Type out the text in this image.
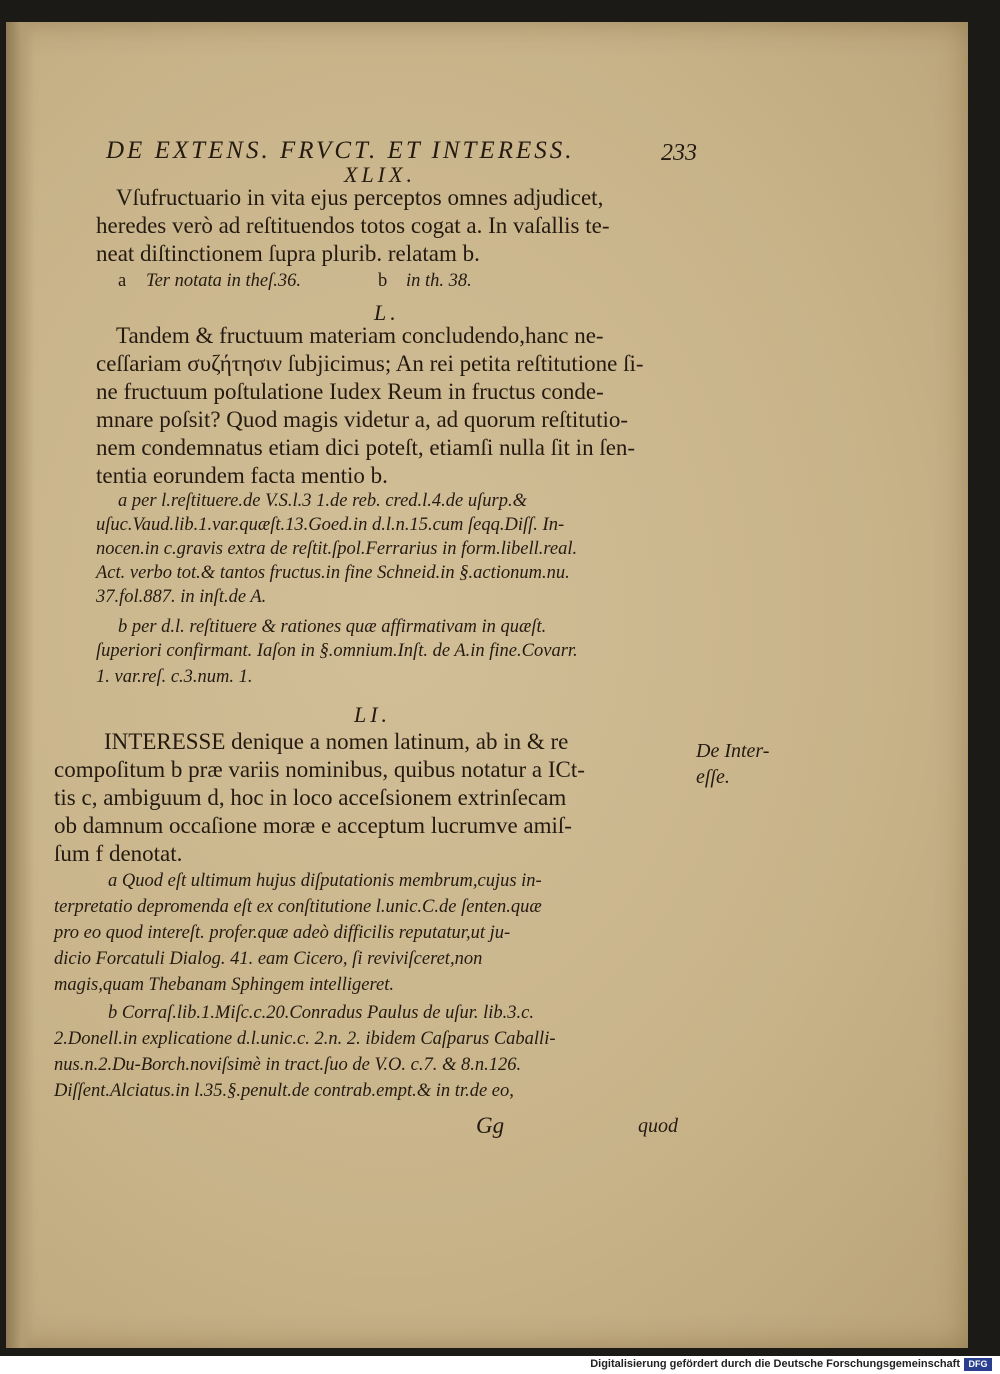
DE EXTENS. FRVCT. ET INTERESS.	233
XLIX.
Vſufructuario in vita ejus perceptos omnes adjudicet,
heredes verò ad reſtituendos totos cogat a. In vaſallis te-
neat diſtinctionem ſupra plurib. relatam b.
a Ter notata in theſ.36.	b in th. 38.
L.
Tandem & fructuum materiam concludendo,hanc ne-
ceſſariam συζήτησιν ſubjicimus; An rei petita reſtitutione ſi-
ne fructuum poſtulatione Iudex Reum in fructus conde-
mnare poſsit? Quod magis videtur a, ad quorum reſtitutio-
nem condemnatus etiam dici poteſt, etiamſi nulla ſit in ſen-
tentia eorundem facta mentio b.
a per l.reſtituere.de V.S.l.3 1.de reb. cred.l.4.de uſurp.&
uſuc.Vaud.lib.1.var.quæſt.13.Goed.in d.l.n.15.cum ſeqq.Diſſ. In-
nocen.in c.gravis extra de reſtit.ſpol.Ferrarius in form.libell.real.
Act. verbo tot.& tantos fructus.in fine Schneid.in §.actionum.nu.
37.fol.887. in inſt.de A.
b per d.l. reſtituere & rationes quæ affirmativam in quæſt.
ſuperiori confirmant. Iaſon in §.omnium.Inſt. de A.in fine.Covarr.
1. var.reſ. c.3.num. 1.
LI.
INTERESSE denique a nomen latinum, ab in & re
compoſitum b præ variis nominibus, quibus notatur a ICt-
tis c, ambiguum d, hoc in loco acceſsionem extrinſecam
ob damnum occaſione moræ e acceptum lucrumve amiſ-
ſum f denotat.
De Inter-
eſſe.
a Quod eſt ultimum hujus diſputationis membrum,cujus in-
terpretatio depromenda eſt ex conſtitutione l.unic.C.de ſenten.quæ
pro eo quod intereſt. profer.quæ adeò difficilis reputatur,ut ju-
dicio Forcatuli Dialog. 41. eam Cicero, ſi reviviſceret,non
magis,quam Thebanam Sphingem intelligeret.
b Corraſ.lib.1.Miſc.c.20.Conradus Paulus de uſur. lib.3.c.
2.Donell.in explicatione d.l.unic.c. 2.n. 2. ibidem Caſparus Caballi-
nus.n.2.Du-Borch.noviſsimè in tract.ſuo de V.O. c.7. & 8.n.126.
Diſſent.Alciatus.in l.35.§.penult.de contrab.empt.& in tr.de eo,
Gg	quod
Digitalisierung gefördert durch die Deutsche Forschungsgemeinschaft DFG
